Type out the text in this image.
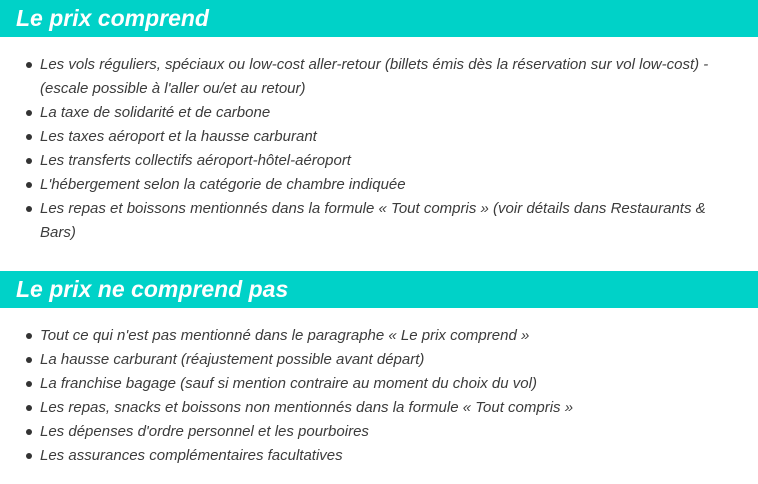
Le prix comprend
Les vols réguliers, spéciaux ou low-cost aller-retour (billets émis dès la réservation sur vol low-cost) - (escale possible à l'aller ou/et au retour)
La taxe de solidarité et de carbone
Les taxes aéroport et la hausse carburant
Les transferts collectifs aéroport-hôtel-aéroport
L'hébergement selon la catégorie de chambre indiquée
Les repas et boissons mentionnés dans la formule « Tout compris » (voir détails dans Restaurants & Bars)
Le prix ne comprend pas
Tout ce qui n'est pas mentionné dans le paragraphe « Le prix comprend »
La hausse carburant (réajustement possible avant départ)
La franchise bagage (sauf si mention contraire au moment du choix du vol)
Les repas, snacks et boissons non mentionnés dans la formule « Tout compris »
Les dépenses d'ordre personnel et les pourboires
Les assurances complémentaires facultatives
